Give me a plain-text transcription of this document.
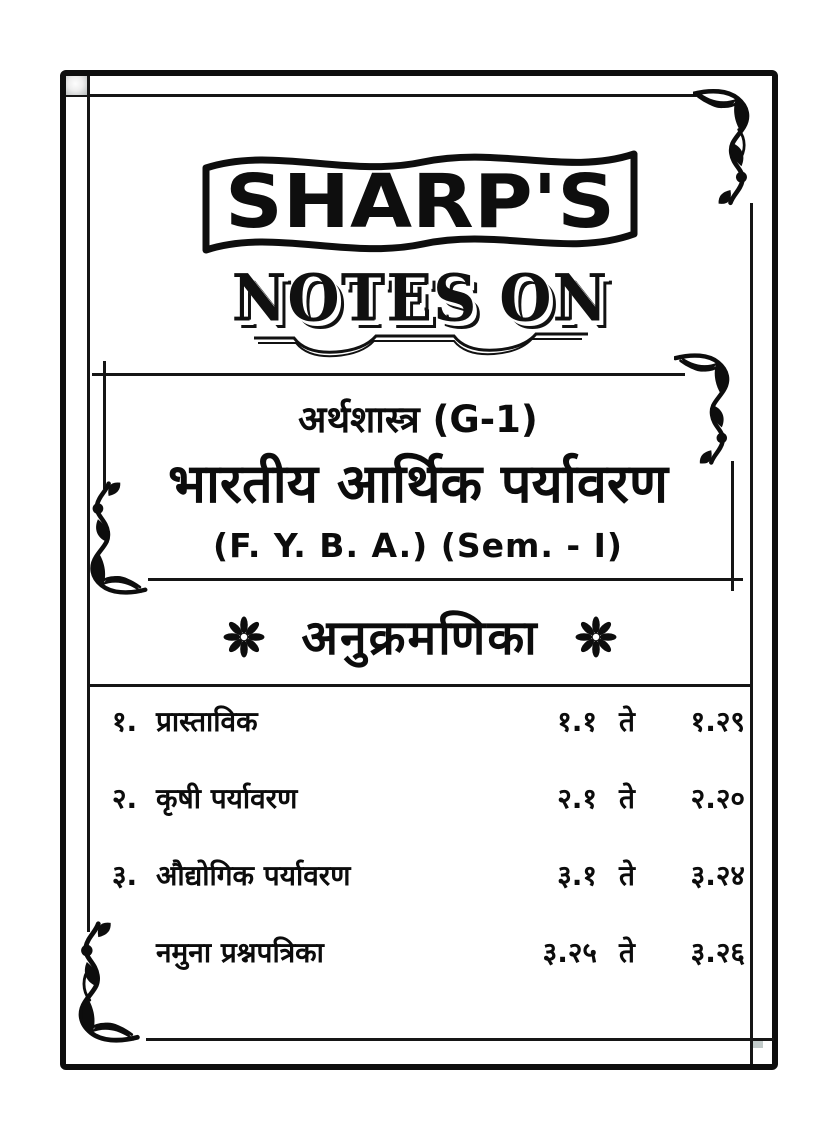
SHARP'S
NOTES ON
अर्थशास्त्र (G-1)
भारतीय आर्थिक पर्यावरण
(F. Y. B. A.) (Sem. - I)
अनुक्रमणिका
१. प्रास्ताविक	१.१ ते	१.२९
२. कृषी पर्यावरण	२.१ ते	२.२०
३. औद्योगिक पर्यावरण	३.१ ते	३.२४
नमुना प्रश्नपत्रिका	३.२५ ते	३.२६
